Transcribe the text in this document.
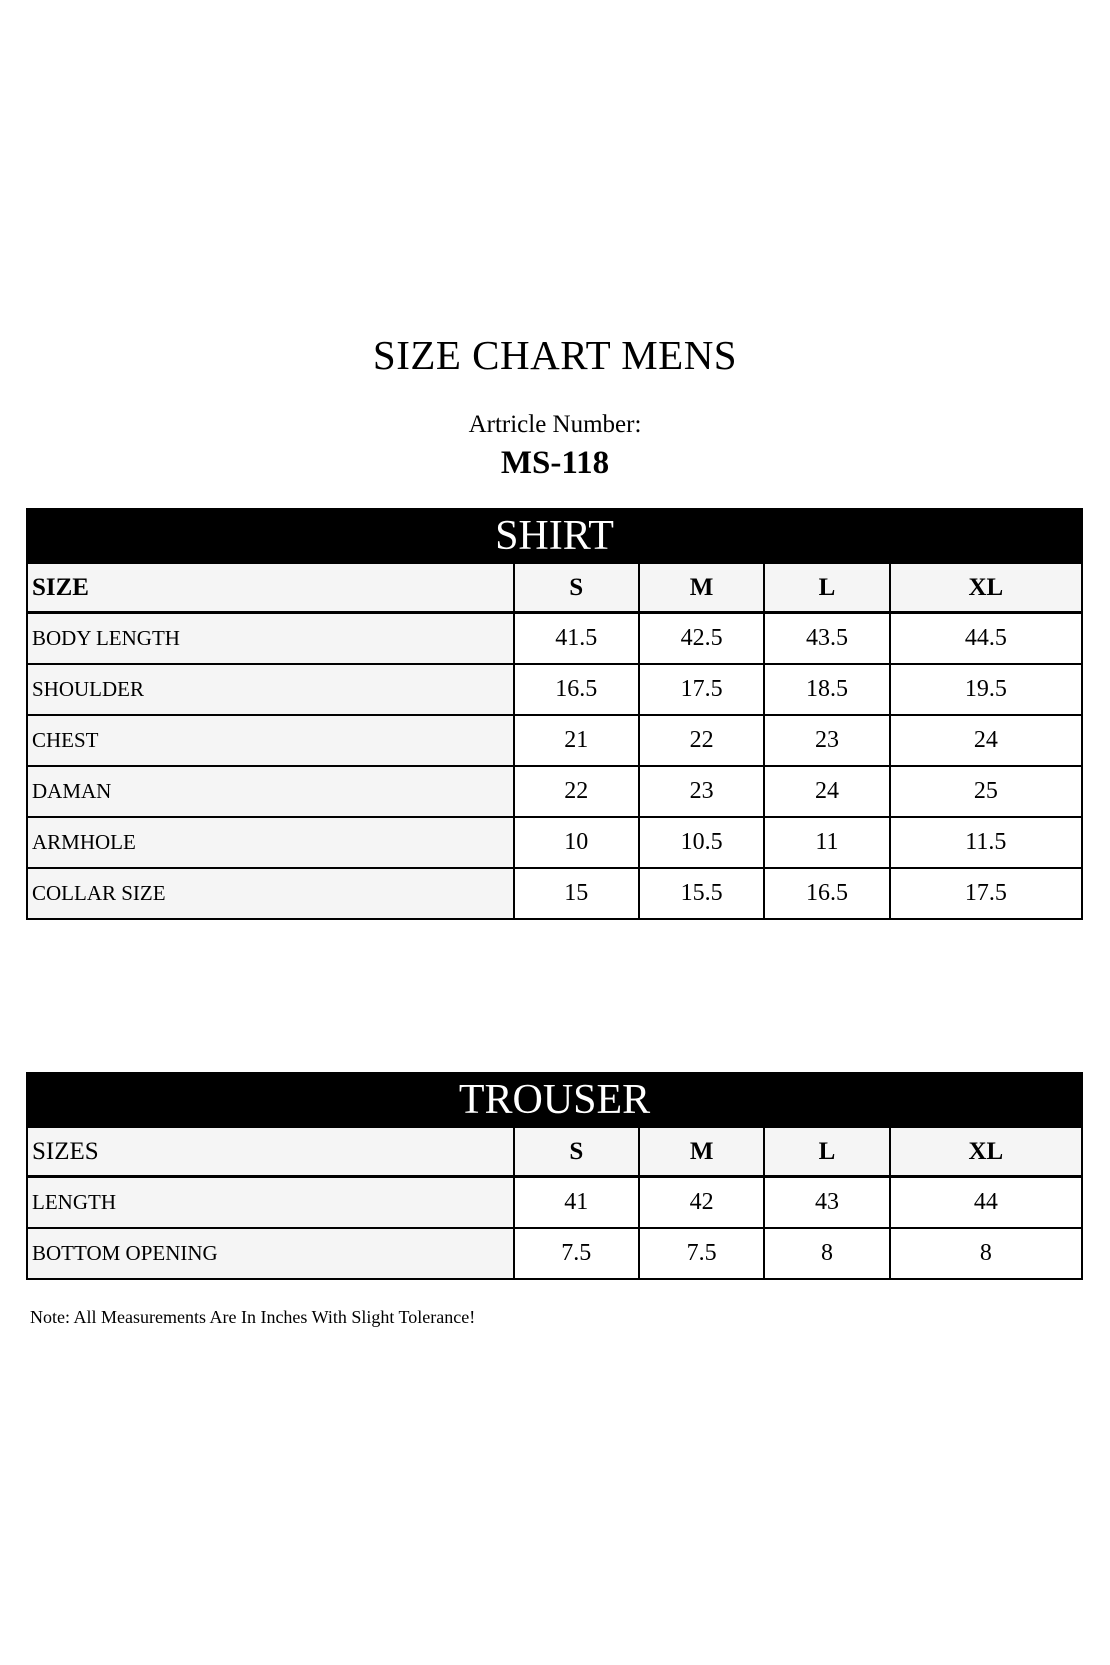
SIZE CHART MENS
Artricle Number:
MS-118
SHIRT				
SIZE	S	M	L	XL
BODY LENGTH	41.5	42.5	43.5	44.5
SHOULDER	16.5	17.5	18.5	19.5
CHEST	21	22	23	24
DAMAN	22	23	24	25
ARMHOLE	10	10.5	11	11.5
COLLAR SIZE	15	15.5	16.5	17.5
TROUSER				
SIZES	S	M	L	XL
LENGTH	41	42	43	44
BOTTOM OPENING	7.5	7.5	8	8
Note: All Measurements Are In Inches With Slight Tolerance!
